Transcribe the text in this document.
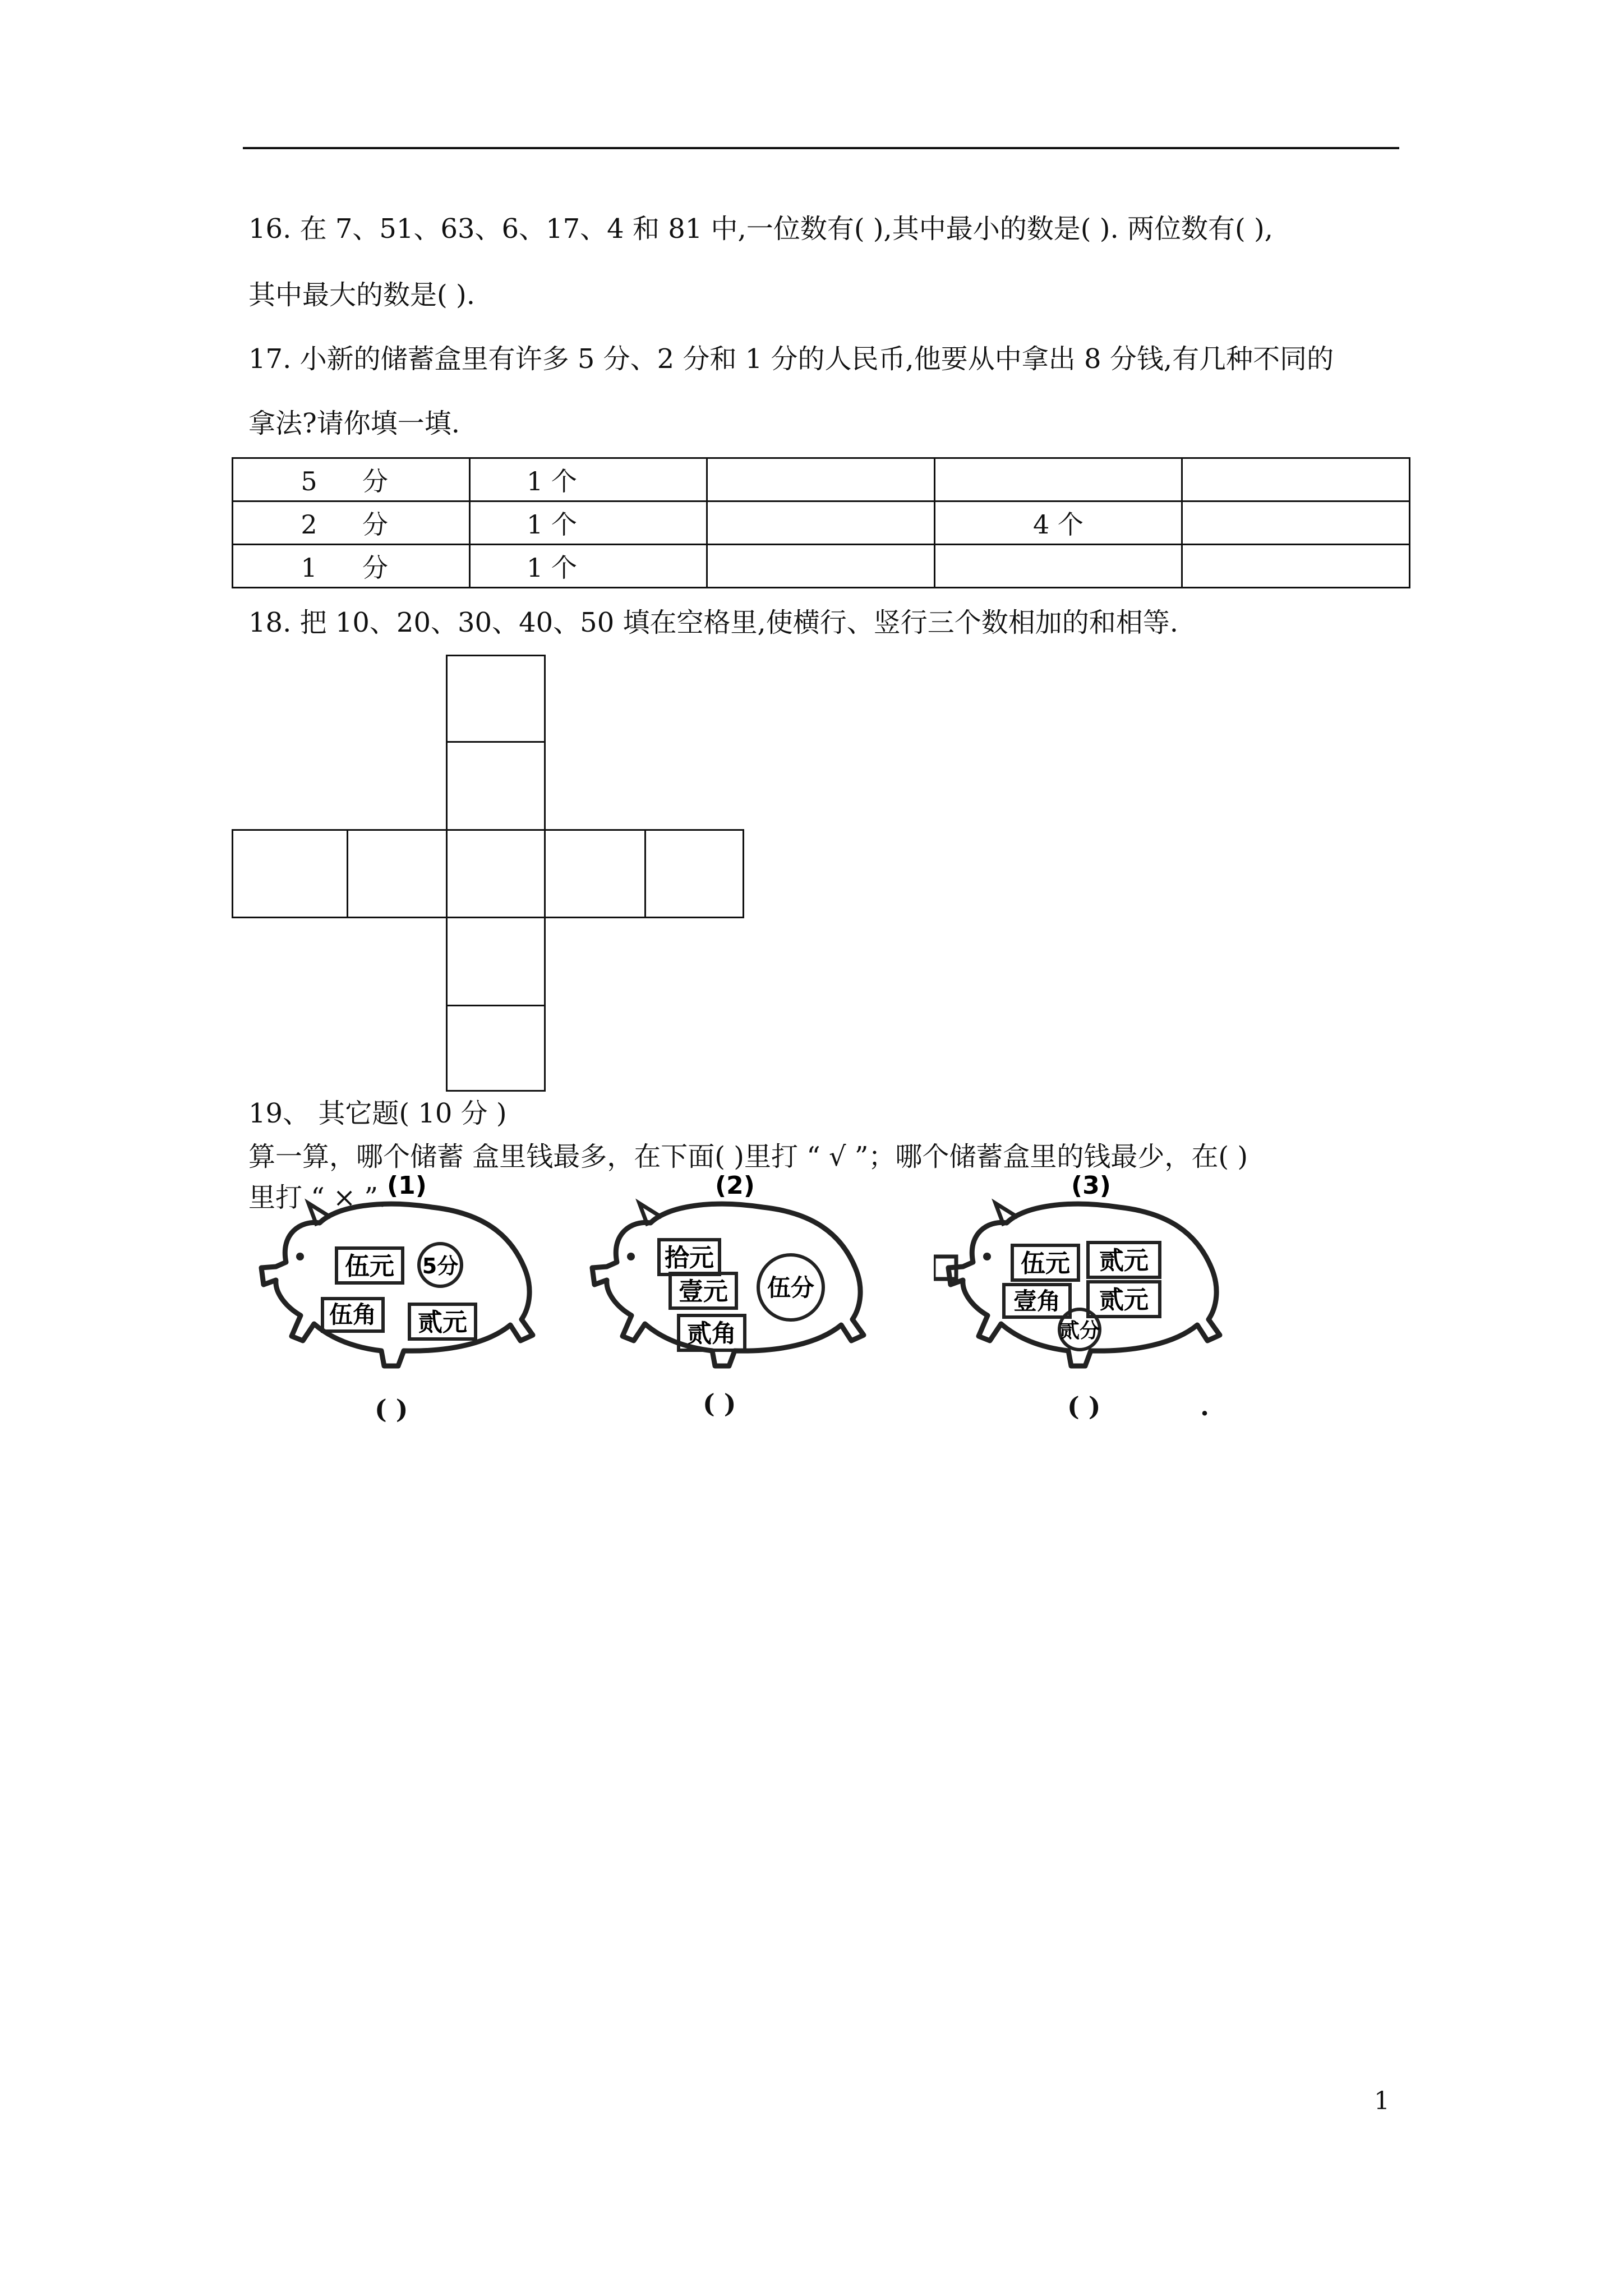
16. 在 7、51、63、6、17、4 和 81 中,一位数有( ),其中最小的数是( ). 两位数有( ),
其中最大的数是( ).
17. 小新的储蓄盒里有许多 5 分、2 分和 1 分的人民币,他要从中拿出 8 分钱,有几种不同的
拿法?请你填一填.
5 分	1 个			
2 分	1 个		4 个	
1 分	1 个			
18. 把 10、20、30、40、50 填在空格里,使横行、竖行三个数相加的和相等.
19、 其它题( 10 分 )
算一算，哪个储蓄 盒里钱最多，在下面( )里打 “ √ ”；哪个储蓄盒里的钱最少，在( )
里打 “ × ”.
伍元
伍角 贰元
5分
(1)
( )
拾元
壹元
贰角
伍分
(2)
( )
伍元 贰元
壹角 贰元
贰分
(3)
( )	.
1
